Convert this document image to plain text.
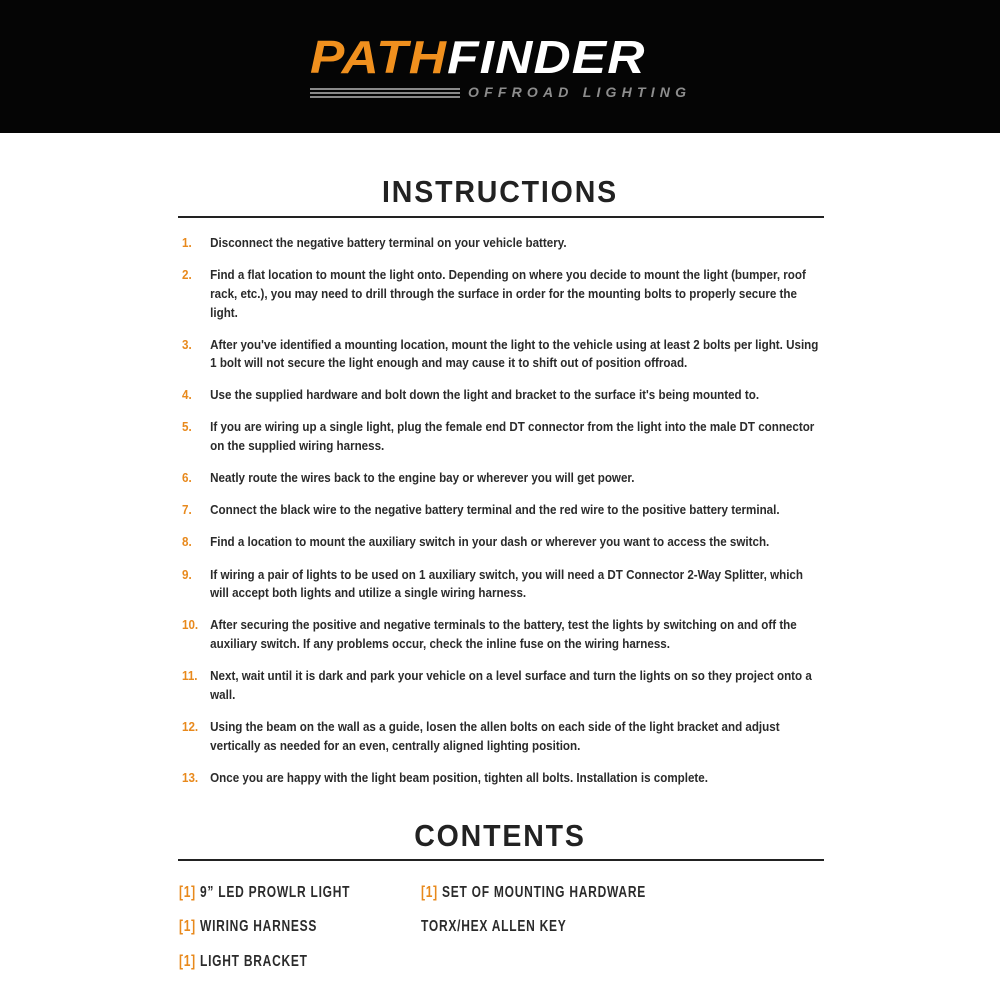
PATHFINDER
OFFROAD LIGHTING
INSTRUCTIONS
1.	Disconnect the negative battery terminal on your vehicle battery.
2.	Find a flat location to mount the light onto. Depending on where you decide to mount the light (bumper, roof rack, etc.), you may need to drill through the surface in order for the mounting bolts to properly secure the light.
3.	After you've identified a mounting location, mount the light to the vehicle using at least 2 bolts per light. Using 1 bolt will not secure the light enough and may cause it to shift out of position offroad.
4.	Use the supplied hardware and bolt down the light and bracket to the surface it's being mounted to.
5.	If you are wiring up a single light, plug the female end DT connector from the light into the male DT connector on the supplied wiring harness.
6.	Neatly route the wires back to the engine bay or wherever you will get power.
7.	Connect the black wire to the negative battery terminal and the red wire to the positive battery terminal.
8.	Find a location to mount the auxiliary switch in your dash or wherever you want to access the switch.
9.	If wiring a pair of lights to be used on 1 auxiliary switch, you will need a DT Connector 2-Way Splitter, which will accept both lights and utilize a single wiring harness.
10. After securing the positive and negative terminals to the battery, test the lights by switching on and off the auxiliary switch. If any problems occur, check the inline fuse on the wiring harness.
11. Next, wait until it is dark and park your vehicle on a level surface and turn the lights on so they project onto a wall.
12. Using the beam on the wall as a guide, losen the allen bolts on each side of the light bracket and adjust vertically as needed for an even, centrally aligned lighting position.
13. Once you are happy with the light beam position, tighten all bolts. Installation is complete.
CONTENTS
[1] 9” LED PROWLR LIGHT
[1] WIRING HARNESS
[1] LIGHT BRACKET
[1] SET OF MOUNTING HARDWARE
TORX/HEX ALLEN KEY
